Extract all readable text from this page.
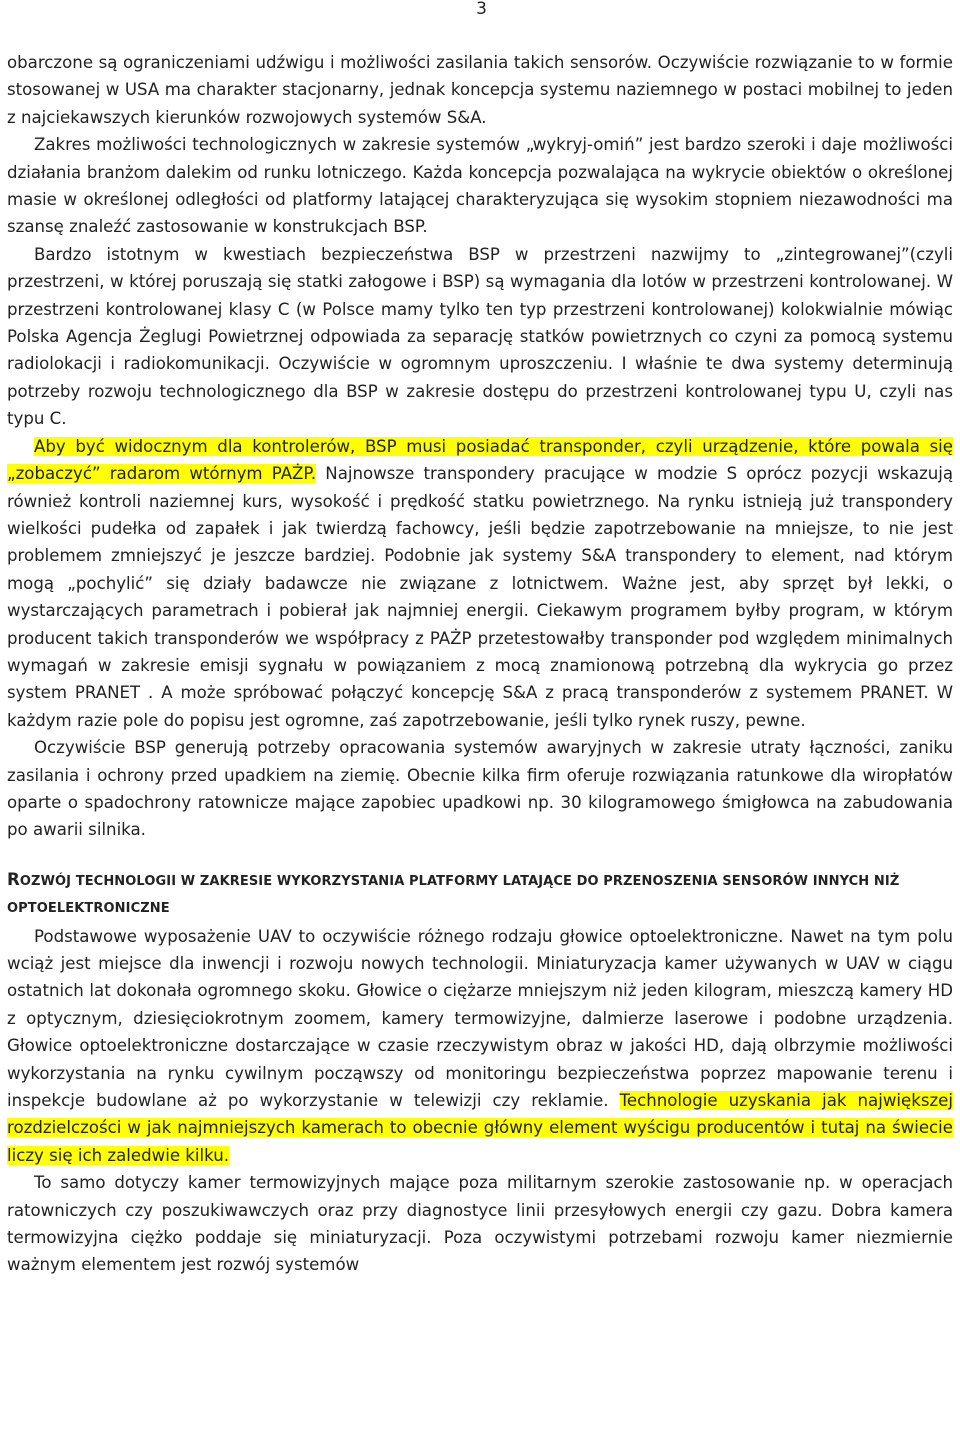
3

obarczone są ograniczeniami udźwigu i możliwości zasilania takich sensorów. Oczywiście rozwiązanie to w formie stosowanej w USA ma charakter stacjonarny, jednak koncepcja systemu naziemnego w postaci mobilnej to jeden z najciekawszych kierunków rozwojowych systemów S&A.

Zakres możliwości technologicznych w zakresie systemów „wykryj-omiń” jest bardzo szeroki i daje możliwości działania branżom dalekim od runku lotniczego. Każda koncepcja pozwalająca na wykrycie obiektów o określonej masie w określonej odległości od platformy latającej charakteryzująca się wysokim stopniem niezawodności ma szansę znaleźć zastosowanie w konstrukcjach BSP.

Bardzo istotnym w kwestiach bezpieczeństwa BSP w przestrzeni nazwijmy to „zintegrowanej”(czyli przestrzeni, w której poruszają się statki załogowe i BSP) są wymagania dla lotów w przestrzeni kontrolowanej. W przestrzeni kontrolowanej klasy C (w Polsce mamy tylko ten typ przestrzeni kontrolowanej) kolokwialnie mówiąc Polska Agencja Żeglugi Powietrznej odpowiada za separację statków powietrznych co czyni za pomocą systemu radiolokacji i radiokomunikacji. Oczywiście w ogromnym uproszczeniu. I właśnie te dwa systemy determinują potrzeby rozwoju technologicznego dla BSP w zakresie dostępu do przestrzeni kontrolowanej typu U, czyli nas typu C.

Aby być widocznym dla kontrolerów, BSP musi posiadać transponder, czyli urządzenie, które powala się „zobaczyć” radarom wtórnym PAŻP. Najnowsze transpondery pracujące w modzie S oprócz pozycji wskazują również kontroli naziemnej kurs, wysokość i prędkość statku powietrznego. Na rynku istnieją już transpondery wielkości pudełka od zapałek i jak twierdzą fachowcy, jeśli będzie zapotrzebowanie na mniejsze, to nie jest problemem zmniejszyć je jeszcze bardziej. Podobnie jak systemy S&A transpondery to element, nad którym mogą „pochylić” się działy badawcze nie związane z lotnictwem. Ważne jest, aby sprzęt był lekki, o wystarczających parametrach i pobierał jak najmniej energii. Ciekawym programem byłby program, w którym producent takich transponderów we współpracy z PAŻP przetestowałby transponder pod względem minimalnych wymagań w zakresie emisji sygnału w powiązaniem z mocą znamionową potrzebną dla wykrycia go przez system PRANET . A może spróbować połączyć koncepcję S&A z pracą transponderów z systemem PRANET. W każdym razie pole do popisu jest ogromne, zaś zapotrzebowanie, jeśli tylko rynek ruszy, pewne.

Oczywiście BSP generują potrzeby opracowania systemów awaryjnych w zakresie utraty łączności, zaniku zasilania i ochrony przed upadkiem na ziemię. Obecnie kilka firm oferuje rozwiązania ratunkowe dla wiropłatów oparte o spadochrony ratownicze mające zapobiec upadkowi np. 30 kilogramowego śmigłowca na zabudowania po awarii silnika.

ROZWÓJ TECHNOLOGII W ZAKRESIE WYKORZYSTANIA PLATFORMY LATAJĄCE DO PRZENOSZENIA SENSORÓW INNYCH NIŻ OPTOELEKTRONICZNE

Podstawowe wyposażenie UAV to oczywiście różnego rodzaju głowice optoelektroniczne. Nawet na tym polu wciąż jest miejsce dla inwencji i rozwoju nowych technologii. Miniaturyzacja kamer używanych w UAV w ciągu ostatnich lat dokonała ogromnego skoku. Głowice o ciężarze mniejszym niż jeden kilogram, mieszczą kamery HD z optycznym, dziesięciokrotnym zoomem, kamery termowizyjne, dalmierze laserowe i podobne urządzenia. Głowice optoelektroniczne dostarczające w czasie rzeczywistym obraz w jakości HD, dają olbrzymie możliwości wykorzystania na rynku cywilnym począwszy od monitoringu bezpieczeństwa poprzez mapowanie terenu i inspekcje budowlane aż po wykorzystanie w telewizji czy reklamie. Technologie uzyskania jak największej rozdzielczości w jak najmniejszych kamerach to obecnie główny element wyścigu producentów i tutaj na świecie liczy się ich zaledwie kilku.

To samo dotyczy kamer termowizyjnych mające poza militarnym szerokie zastosowanie np. w operacjach ratowniczych czy poszukiwawczych oraz przy diagnostyce linii przesyłowych energii czy gazu. Dobra kamera termowizyjna ciężko poddaje się miniaturyzacji. Poza oczywistymi potrzebami rozwoju kamer niezmiernie ważnym elementem jest rozwój systemów
